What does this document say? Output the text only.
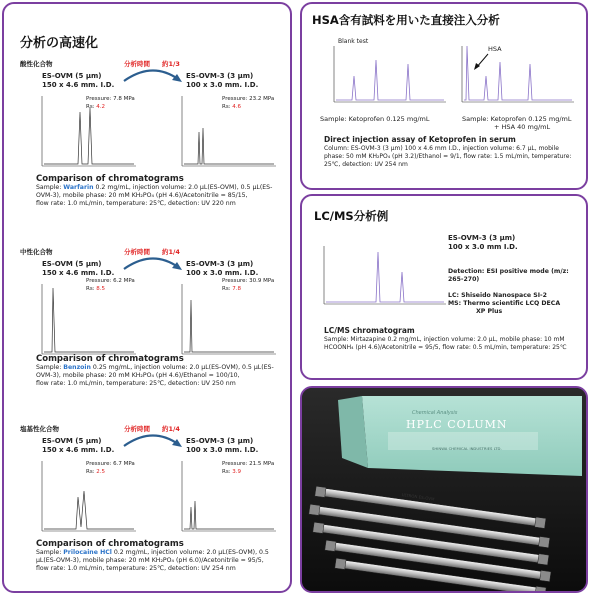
分析の高速化
酸性化合物	分析時間 約1/3
ES-OVM (5 µm)
150 x 4.6 mm. I.D.
ES-OVM-3 (3 µm)
100 x 3.0 mm. I.D.
Pressure: 7.8 MPa
Rs: 4.2
Pressure: 23.2 MPa
Rs: 4.6
Comparison of chromatograms
Sample: Warfarin 0.2 mg/mL, injection volume: 2.0 µL(ES-OVM), 0.5 µL(ES-OVM-3), mobile phase: 20 mM KH₂PO₄ (pH 4.6)/Acetonitrile = 85/15,
flow rate: 1.0 mL/min, temperature: 25℃, detection: UV 220 nm
中性化合物	分析時間 約1/4
ES-OVM (5 µm)
150 x 4.6 mm. I.D.
ES-OVM-3 (3 µm)
100 x 3.0 mm. I.D.
Pressure: 6.2 MPa
Rs: 8.5
Pressure: 30.9 MPa
Rs: 7.8
Comparison of chromatograms
Sample: Benzoin 0.25 mg/mL, injection volume: 2.0 µL(ES-OVM), 0.5 µL(ES-OVM-3), mobile phase: 20 mM KH₂PO₄ (pH 4.6)/Ethanol = 100/10,
flow rate: 1.0 mL/min, temperature: 25℃, detection: UV 250 nm
塩基性化合物	分析時間 約1/4
ES-OVM (5 µm)
150 x 4.6 mm. I.D.
ES-OVM-3 (3 µm)
100 x 3.0 mm. I.D.
Pressure: 6.7 MPa
Rs: 2.5
Pressure: 21.5 MPa
Rs: 3.9
Comparison of chromatograms
Sample: Prilocaine HCl 0.2 mg/mL, injection volume: 2.0 µL(ES-OVM), 0.5 µL(ES-OVM-3), mobile phase: 20 mM KH₂PO₄ (pH 6.0)/Acetonitrile = 95/5, flow rate: 1.0 mL/min, temperature: 25℃, detection: UV 254 nm

HSA含有試料を用いた直接注入分析
Blank test
HSA
Sample: Ketoprofen 0.125 mg/mL	Sample: Ketoprofen 0.125 mg/mL
+ HSA 40 mg/mL
Direct injection assay of Ketoprofen in serum
Column: ES-OVM-3 (3 µm) 100 x 4.6 mm I.D., injection volume: 6.7 µL, mobile phase: 50 mM KH₂PO₄ (pH 3.2)/Ethanol = 9/1, flow rate: 1.5 mL/min, temperature: 25℃, detection: UV 254 nm
LC/MS分析例
ES-OVM-3 (3 µm)
100 x 3.0 mm I.D.
Detection: ESI positive mode (m/z: 265-270)
LC: Shiseido Nanospace SI-2
MS: Thermo scientific LCQ DECA
XP Plus
LC/MS chromatogram
Sample: Mirtazapine 0.2 mg/mL, injection volume: 2.0 µL, mobile phase: 10 mM HCOONH₄ (pH 4.6)/Acetonitrile = 95/5, flow rate: 0.5 mL/min, temperature: 25℃
Chemical Analysis
HPLC COLUMN
SHINWA CHEMICAL INDUSTRIES LTD.
ULTRON ES-OVM
